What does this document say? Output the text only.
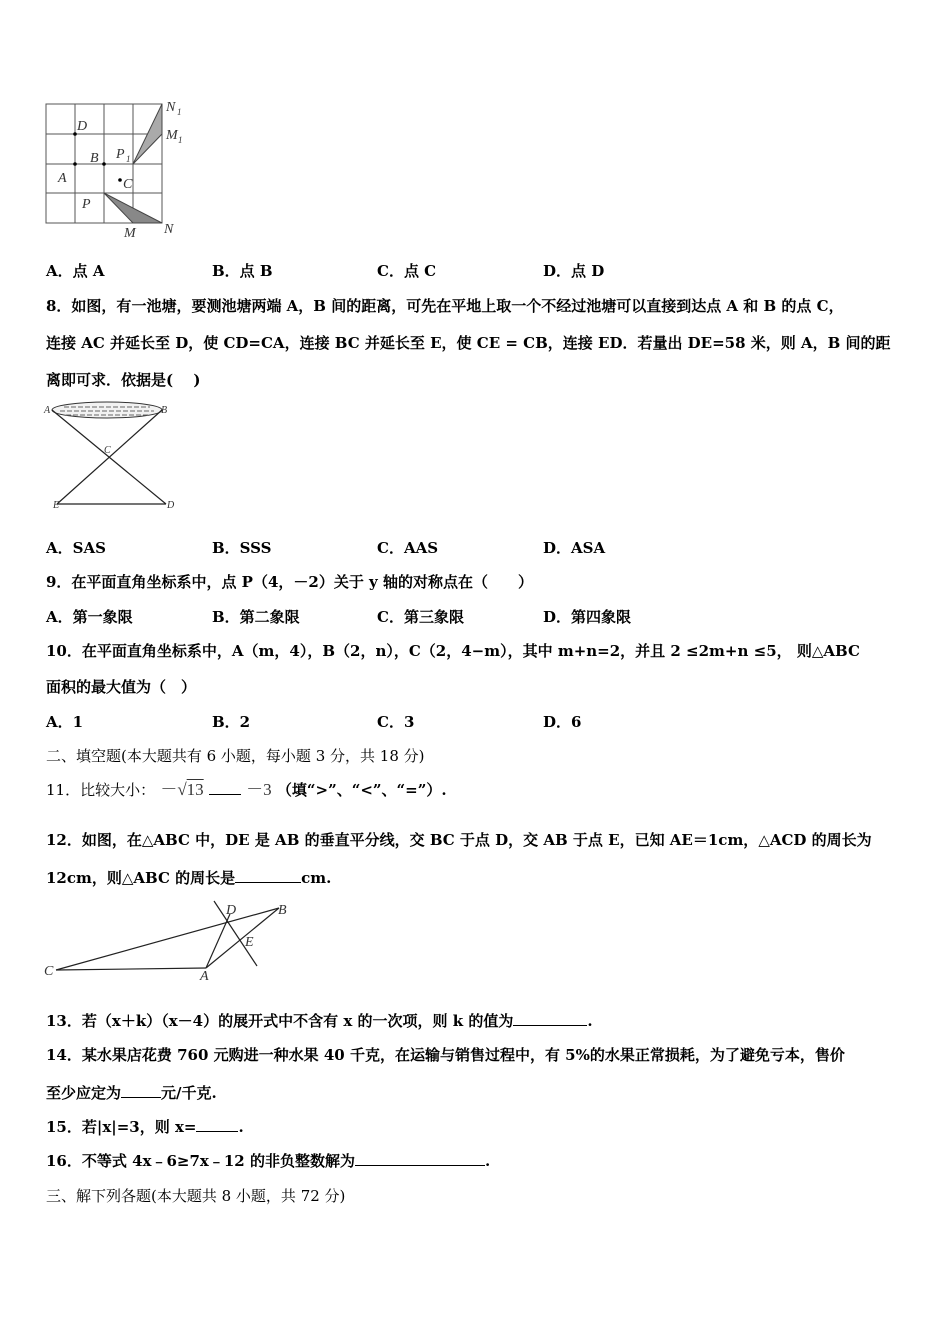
D
B
A	C
P
P 1
M N
M 1
N 1
A．点 A	B．点 B	C．点 C	D．点 D
8．如图，有一池塘，要测池塘两端 A，B 间的距离，可先在平地上取一个不经过池塘可以直接到达点 A 和 B 的点 C，
连接 AC 并延长至 D，使 CD=CA，连接 BC 并延长至 E，使 CE = CB，连接 ED．若量出 DE=58 米，则 A，B 间的距
离即可求．依据是(　 )
A	B
C
E	D
A．SAS	B．SSS	C．AAS	D．ASA
9．在平面直角坐标系中，点 P（4，－2）关于 y 轴的对称点在（　　）
A．第一象限	B．第二象限	C．第三象限	D．第四象限
10．在平面直角坐标系中，A（m，4），B（2，n），C（2，4−m），其中 m+n=2，并且 2 ≤2m+n ≤5， 则△ABC
面积的最大值为（　）
A．1	B．2	C．3	D．6
二、填空题(本大题共有 6 小题，每小题 3 分，共 18 分)
11．比较大小： －√13 －3 （填“>”、“<”、“=”）.
12．如图，在△ABC 中，DE 是 AB 的垂直平分线，交 BC 于点 D，交 AB 于点 E，已知 AE＝1cm，△ACD 的周长为
12cm，则△ABC 的周长是	cm.
C	A
D	B
E
13．若（x＋k）（x－4）的展开式中不含有 x 的一次项，则 k 的值为	.
14．某水果店花费 760 元购进一种水果 40 千克，在运输与销售过程中，有 5%的水果正常损耗，为了避免亏本，售价
至少应定为	元/千克.
15．若|x|=3，则 x=	.
16．不等式 4x﹣6≥7x﹣12 的非负整数解为	.
三、解下列各题(本大题共 8 小题，共 72 分)
